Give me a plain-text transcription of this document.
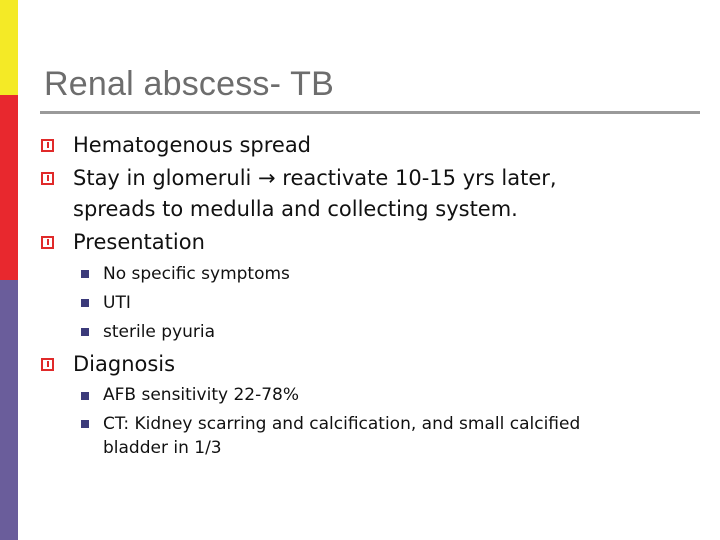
Renal abscess- TB
Hematogenous spread
Stay in glomeruli → reactivate 10-15 yrs later,
spreads to medulla and collecting system.
Presentation
No specific symptoms
UTI
sterile pyuria
Diagnosis
AFB sensitivity 22-78%
CT: Kidney scarring and calcification, and small calcified
bladder in 1/3
